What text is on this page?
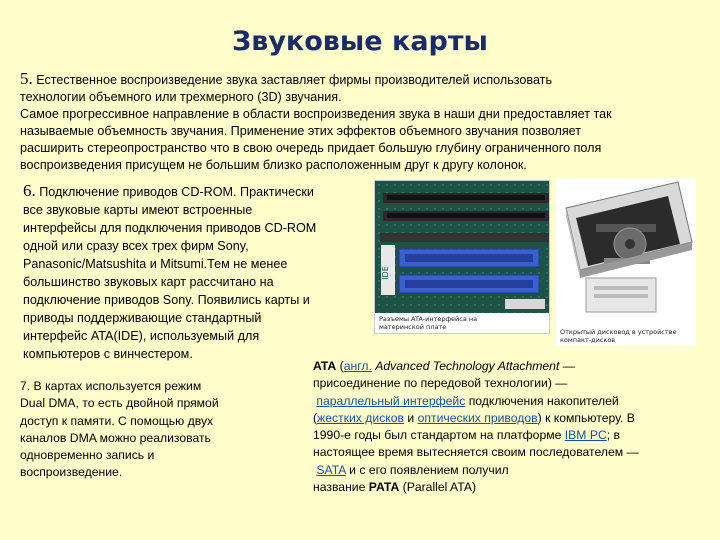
Звуковые карты
5. Естественное воспроизведение звука заставляет фирмы производителей использовать
технологии объемного или трехмерного (3D) звучания.
Самое прогрессивное направление в области воспроизведения звука в наши дни предоставляет так
называемые объемность звучания. Применение этих эффектов объемного звучания позволяет
расширить стереопространство что в свою очередь придает большую глубину ограниченного поля
воспроизведения присущем не большим близко расположенным друг к другу колонок.
6. Подключение приводов CD-ROM. Практически
все звуковые карты имеют встроенные
интерфейсы для подключения приводов CD-ROM
одной или сразу всех трех фирм Sony,
Panasonic/Matsushita и Mitsumi.Тем не менее
большинство звуковых карт рассчитано на
подключение приводов Sony. Появились карты и
приводы поддерживающие стандартный
интерфейс ATA(IDE), используемый для
компьютеров с винчестером.
7. В картах используется режим
Dual DMA, то есть двойной прямой
доступ к памяти. С помощью двух
каналов DMA можно реализовать
одновременно запись и
воспроизведение.
ATA (англ. Advanced Technology Attachment —
присоединение по передовой технологии) —
параллельный интерфейс подключения накопителей
(жестких дисков и оптических приводов) к компьютеру. В
1990-е годы был стандартом на платформе IBM PC; в
настоящее время вытесняется своим последователем —
SATA и с его появлением получил
название PATA (Parallel ATA)
IDE
Разъемы ATA-интерфейса на
материнской плате
Открытый дисковод в устройстве
компакт-дисков
